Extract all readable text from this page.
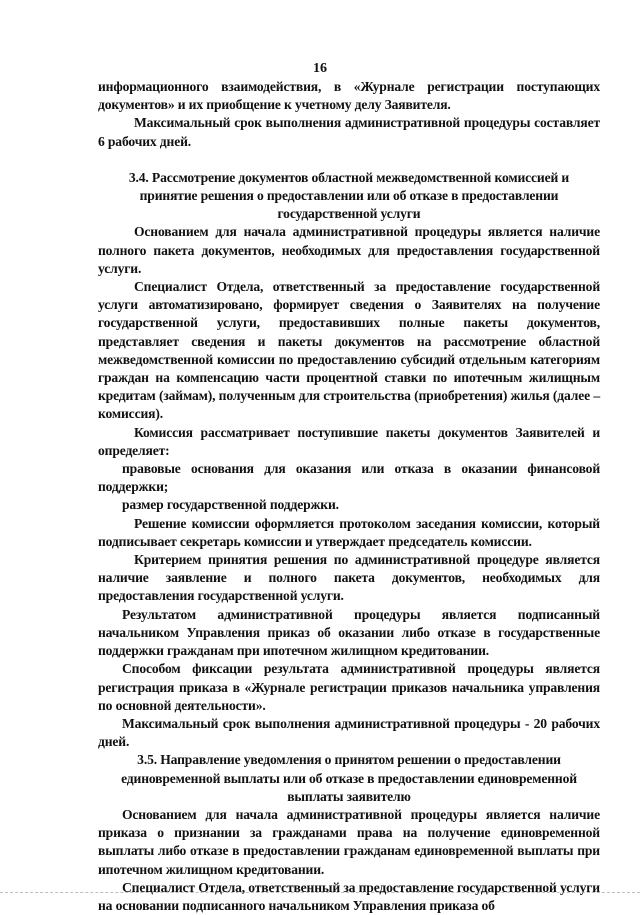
16

информационного взаимодействия, в «Журнале регистрации поступающих документов» и их приобщение к учетному делу Заявителя.

Максимальный срок выполнения административной процедуры составляет 6 рабочих дней.

3.4. Рассмотрение документов областной межведомственной комиссией и
принятие решения о предоставлении или об отказе в предоставлении
государственной услуги

Основанием для начала административной процедуры является наличие полного пакета документов, необходимых для предоставления государственной услуги.

Специалист Отдела, ответственный за предоставление государственной услуги автоматизировано, формирует сведения о Заявителях на получение государственной услуги, предоставивших полные пакеты документов, представляет сведения и пакеты документов на рассмотрение областной межведомственной комиссии по предоставлению субсидий отдельным категориям граждан на компенсацию части процентной ставки по ипотечным жилищным кредитам (займам), полученным для строительства (приобретения) жилья (далее – комиссия).

Комиссия рассматривает поступившие пакеты документов Заявителей и определяет:

правовые основания для оказания или отказа в оказании финансовой поддержки;

размер государственной поддержки.

Решение комиссии оформляется протоколом заседания комиссии, который подписывает секретарь комиссии и утверждает председатель комиссии.

Критерием принятия решения по административной процедуре является наличие заявление и полного пакета документов, необходимых для предоставления государственной услуги.

Результатом административной процедуры является подписанный начальником Управления приказ об оказании либо отказе в государственные поддержки гражданам при ипотечном жилищном кредитовании.

Способом фиксации результата административной процедуры является регистрация приказа в «Журнале регистрации приказов начальника управления по основной деятельности».

Максимальный срок выполнения административной процедуры - 20 рабочих дней.

3.5. Направление уведомления о принятом решении о предоставлении
единовременной выплаты или об отказе в предоставлении единовременной
выплаты заявителю

Основанием для начала административной процедуры является наличие приказа о признании за гражданами права на получение единовременной выплаты либо отказе в предоставлении гражданам единовременной выплаты при ипотечном жилищном кредитовании.

Специалист Отдела, ответственный за предоставление государственной услуги на основании подписанного начальником Управления приказа об
